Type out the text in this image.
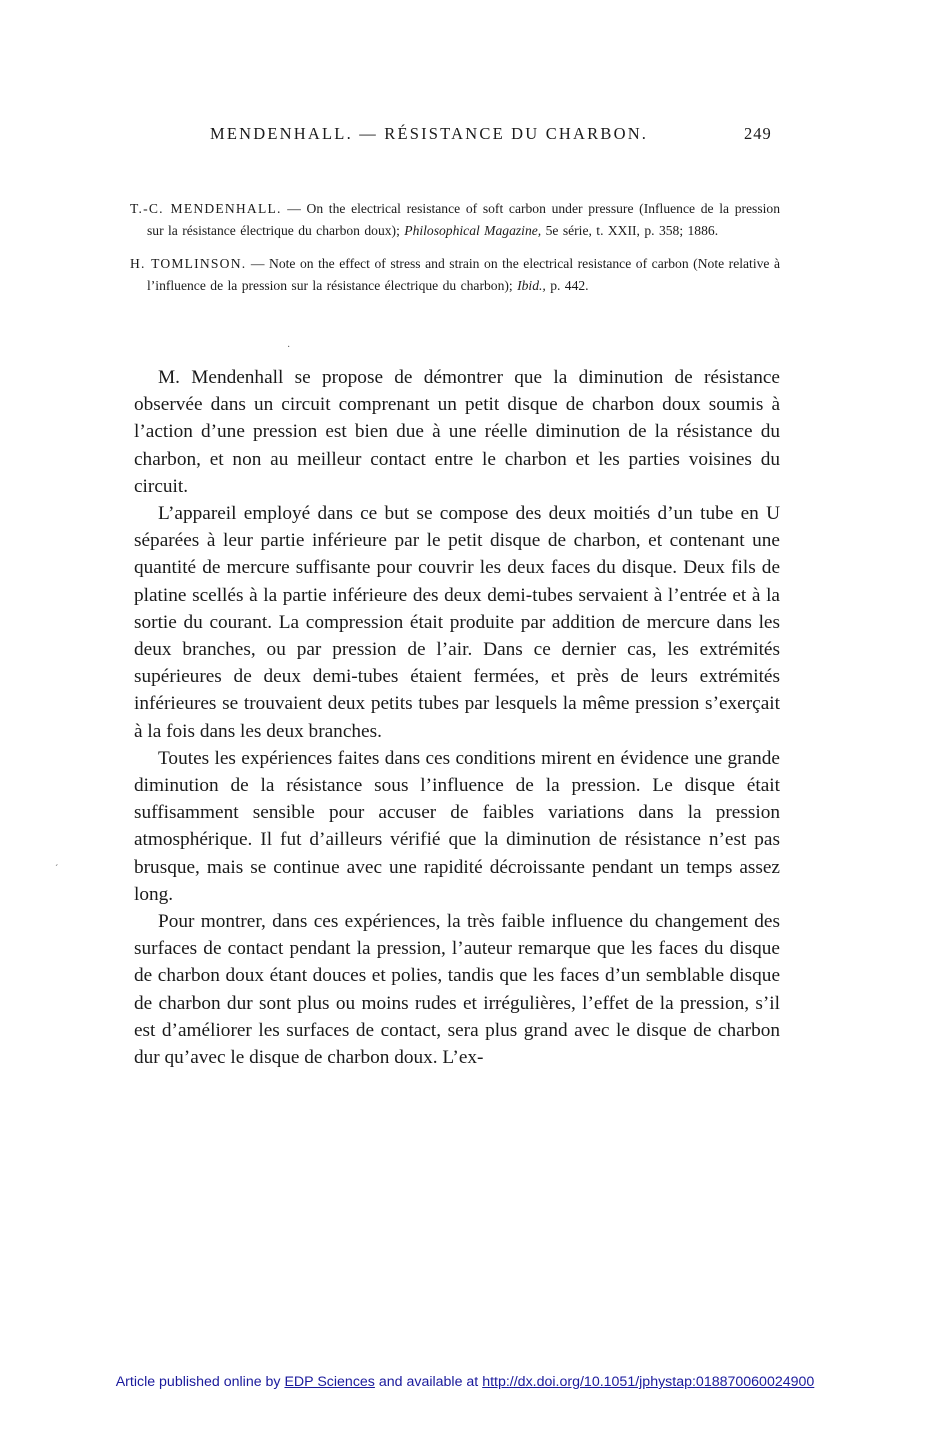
MENDENHALL. — RÉSISTANCE DU CHARBON.	249

T.-C. MENDENHALL. — On the electrical resistance of soft carbon under pressure (Influence de la pression sur la résistance électrique du charbon doux); Philosophical Magazine, 5e série, t. XXII, p. 358; 1886.

H. TOMLINSON. — Note on the effect of stress and strain on the electrical resistance of carbon (Note relative à l’influence de la pression sur la résistance électrique du charbon); Ibid., p. 442.

·
ˊ

M. Mendenhall se propose de démontrer que la diminution de résistance observée dans un circuit comprenant un petit disque de charbon doux soumis à l’action d’une pression est bien due à une réelle diminution de la résistance du charbon, et non au meilleur contact entre le charbon et les parties voisines du circuit.

L’appareil employé dans ce but se compose des deux moitiés d’un tube en U séparées à leur partie inférieure par le petit disque de charbon, et contenant une quantité de mercure suffisante pour couvrir les deux faces du disque. Deux fils de platine scellés à la partie inférieure des deux demi-tubes servaient à l’entrée et à la sortie du courant. La compression était produite par addition de mercure dans les deux branches, ou par pression de l’air. Dans ce dernier cas, les extrémités supérieures de deux demi-tubes étaient fermées, et près de leurs extrémités inférieures se trouvaient deux petits tubes par lesquels la même pression s’exerçait à la fois dans les deux branches.

Toutes les expériences faites dans ces conditions mirent en évidence une grande diminution de la résistance sous l’influence de la pression. Le disque était suffisamment sensible pour accuser de faibles variations dans la pression atmosphérique. Il fut d’ailleurs vérifié que la diminution de résistance n’est pas brusque, mais se continue avec une rapidité décroissante pendant un temps assez long.

Pour montrer, dans ces expériences, la très faible influence du changement des surfaces de contact pendant la pression, l’auteur remarque que les faces du disque de charbon doux étant douces et polies, tandis que les faces d’un semblable disque de charbon dur sont plus ou moins rudes et irrégulières, l’effet de la pression, s’il est d’améliorer les surfaces de contact, sera plus grand avec le disque de charbon dur qu’avec le disque de charbon doux. L’ex-

Article published online by EDP Sciences and available at http://dx.doi.org/10.1051/jphystap:018870060024900
